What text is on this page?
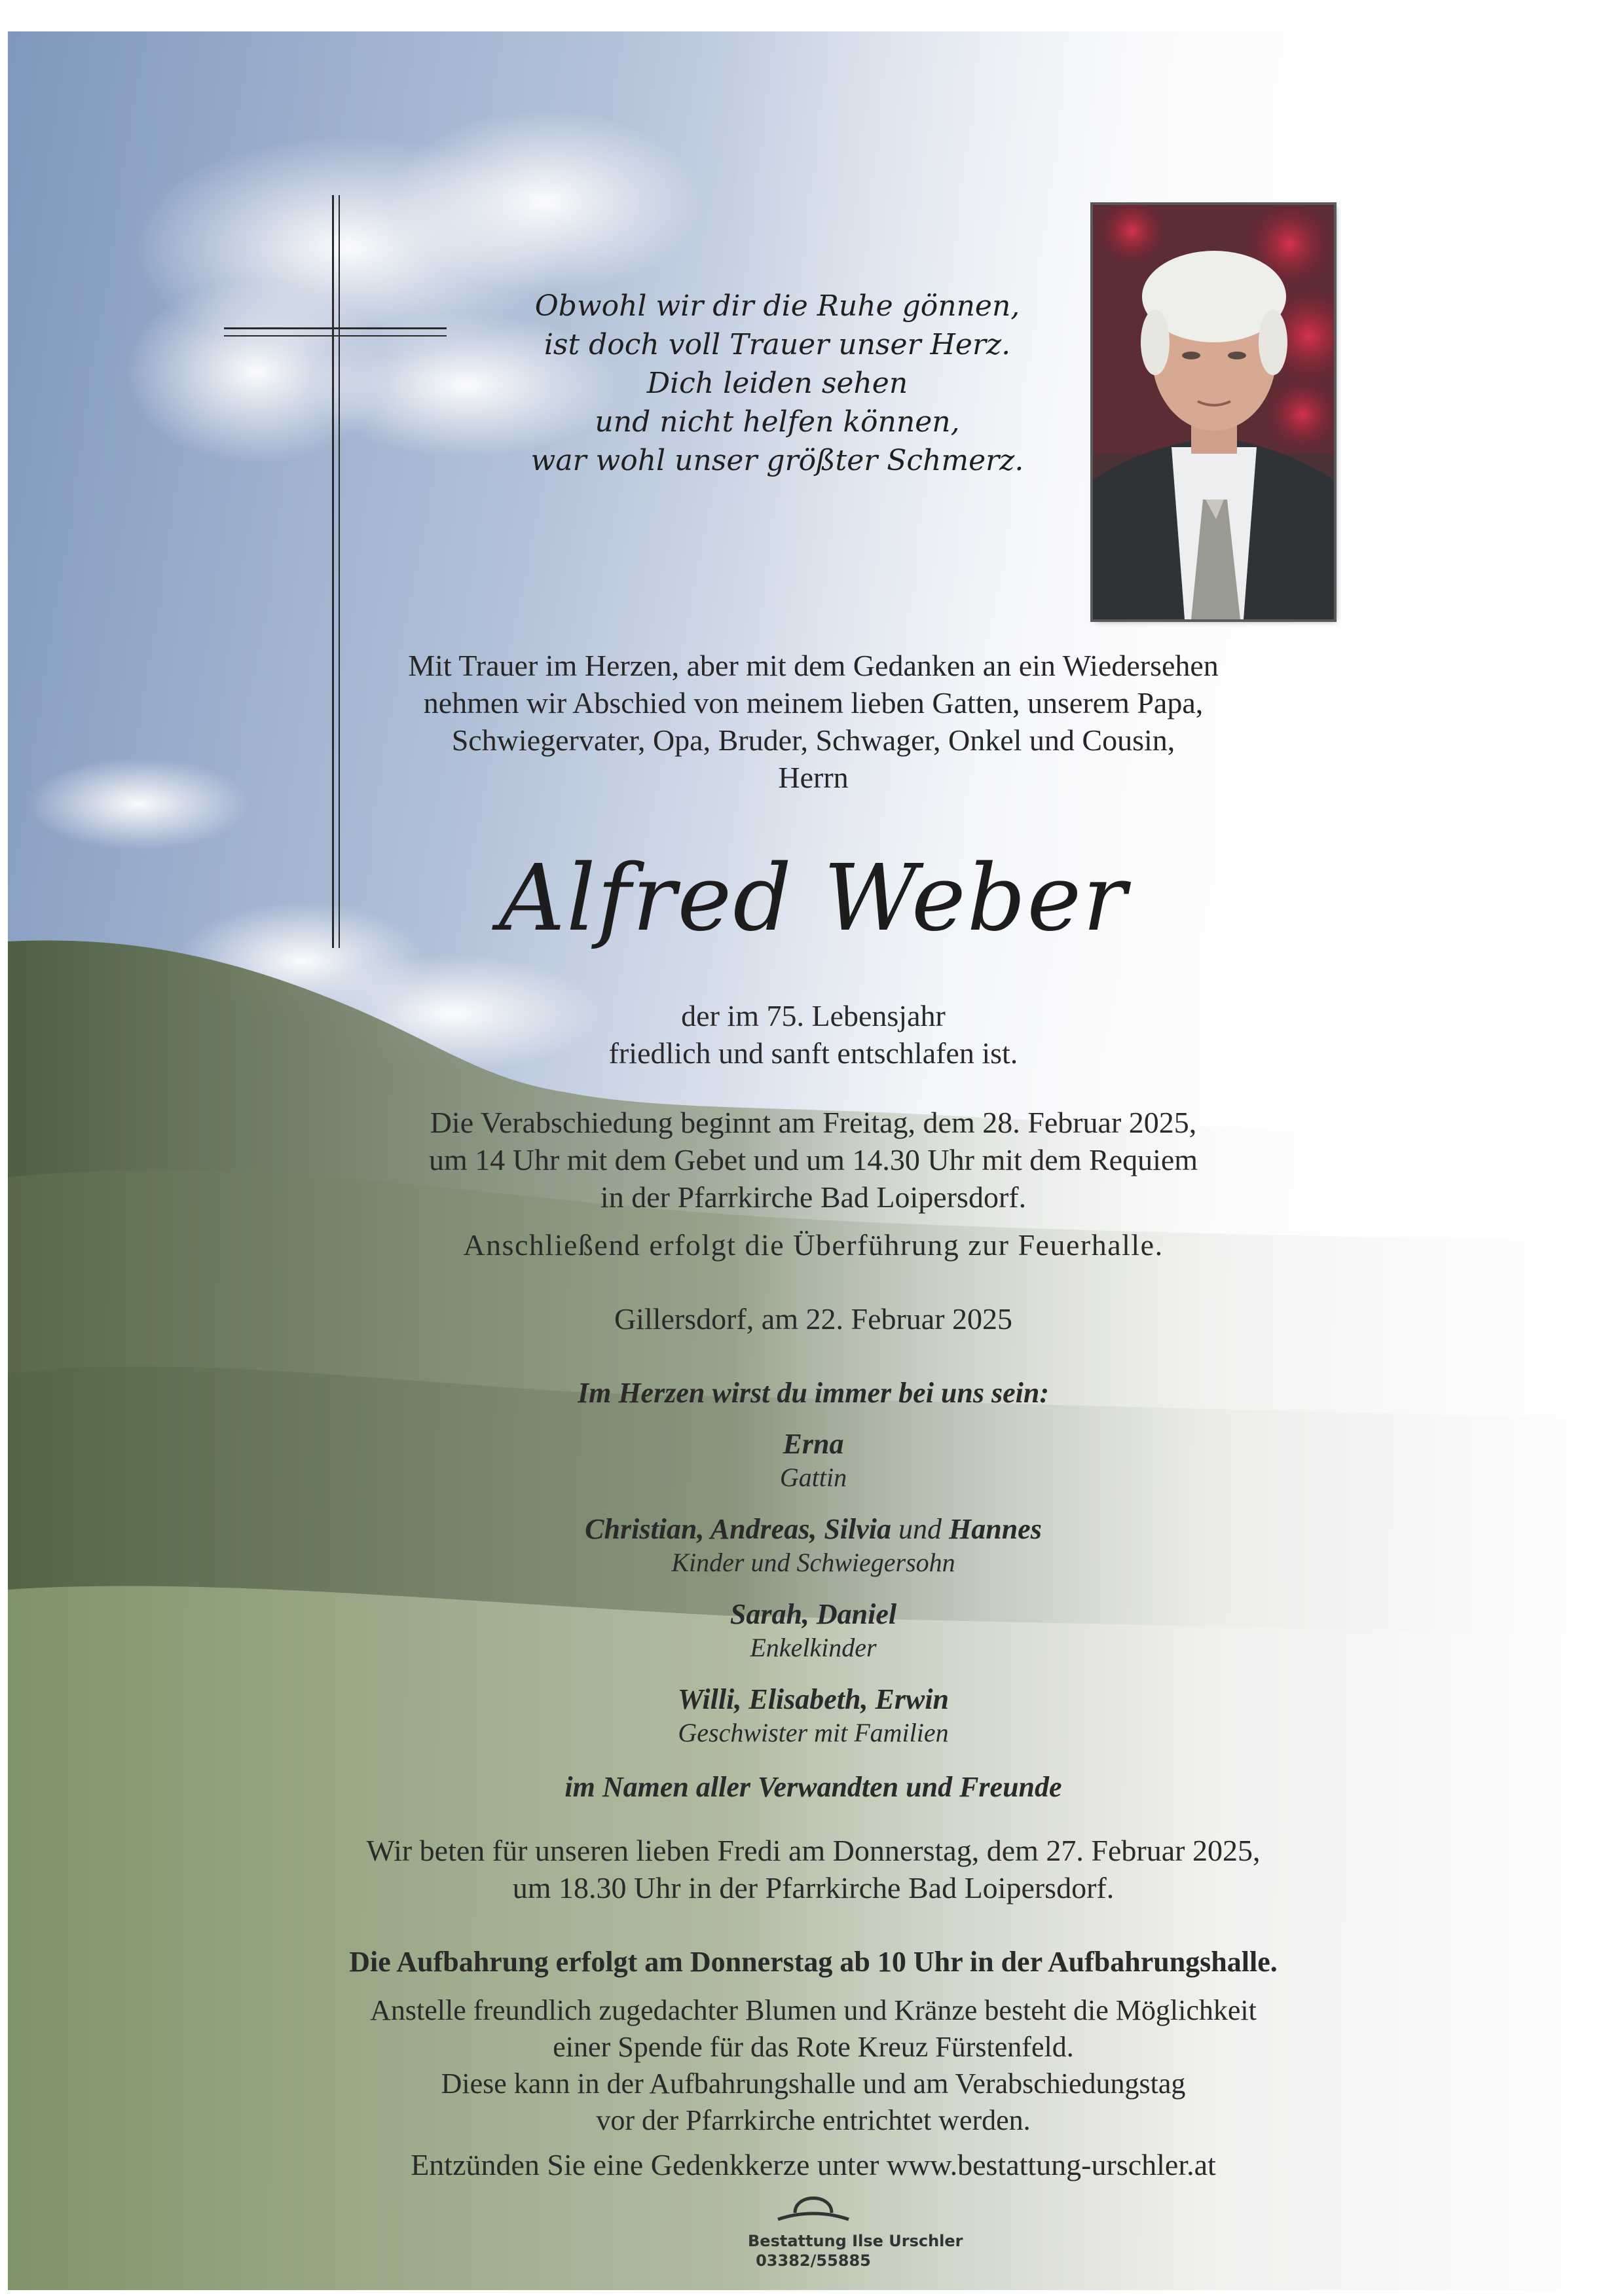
Obwohl wir dir die Ruhe gönnen,
ist doch voll Trauer unser Herz.
Dich leiden sehen
und nicht helfen können,
war wohl unser größter Schmerz.
Mit Trauer im Herzen, aber mit dem Gedanken an ein Wiedersehen
nehmen wir Abschied von meinem lieben Gatten, unserem Papa,
Schwiegervater, Opa, Bruder, Schwager, Onkel und Cousin,
Herrn
Alfred Weber
der im 75. Lebensjahr
friedlich und sanft entschlafen ist.
Die Verabschiedung beginnt am Freitag, dem 28. Februar 2025,
um 14 Uhr mit dem Gebet und um 14.30 Uhr mit dem Requiem
in der Pfarrkirche Bad Loipersdorf.
Anschließend erfolgt die Überführung zur Feuerhalle.
Gillersdorf, am 22. Februar 2025
Im Herzen wirst du immer bei uns sein:
Erna
Gattin
Christian, Andreas, Silvia und Hannes
Kinder und Schwiegersohn
Sarah, Daniel
Enkelkinder
Willi, Elisabeth, Erwin
Geschwister mit Familien
im Namen aller Verwandten und Freunde
Wir beten für unseren lieben Fredi am Donnerstag, dem 27. Februar 2025,
um 18.30 Uhr in der Pfarrkirche Bad Loipersdorf.
Die Aufbahrung erfolgt am Donnerstag ab 10 Uhr in der Aufbahrungshalle.
Anstelle freundlich zugedachter Blumen und Kränze besteht die Möglichkeit
einer Spende für das Rote Kreuz Fürstenfeld.
Diese kann in der Aufbahrungshalle und am Verabschiedungstag
vor der Pfarrkirche entrichtet werden.
Entzünden Sie eine Gedenkkerze unter www.bestattung-urschler.at
Bestattung Ilse Urschler
03382/55885
